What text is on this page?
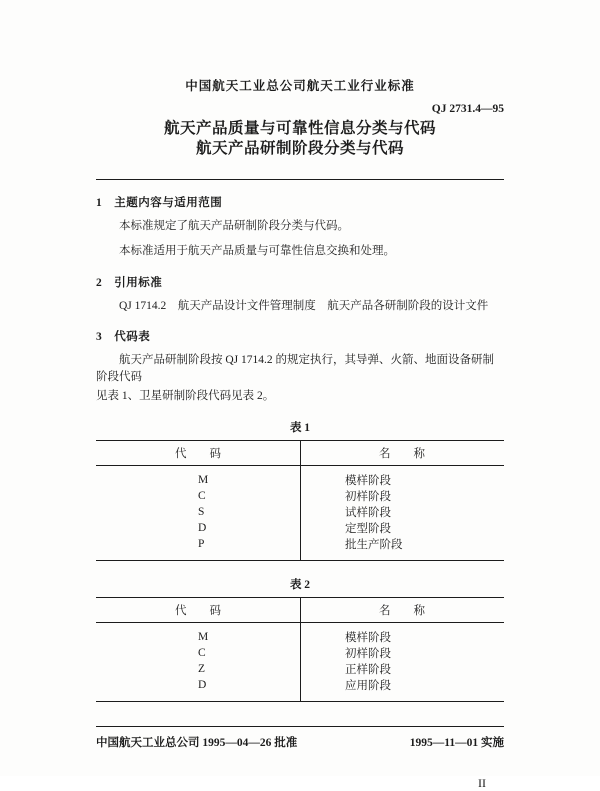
中国航天工业总公司航天工业行业标准
QJ 2731.4—95
航天产品质量与可靠性信息分类与代码
航天产品研制阶段分类与代码
1　主题内容与适用范围
本标准规定了航天产品研制阶段分类与代码。
本标准适用于航天产品质量与可靠性信息交换和处理。
2　引用标准
QJ 1714.2　航天产品设计文件管理制度　航天产品各研制阶段的设计文件
3　代码表
航天产品研制阶段按 QJ 1714.2 的规定执行，其导弹、火箭、地面设备研制阶段代码
见表 1、卫星研制阶段代码见表 2。
表 1
代　　码	名　　称
M	模样阶段
C	初样阶段
S	试样阶段
D	定型阶段
P	批生产阶段
表 2
代　　码	名　　称
M	模样阶段
C	初样阶段
Z	正样阶段
D	应用阶段
中国航天工业总公司 1995—04—26 批准	1995—11—01 实施
II
